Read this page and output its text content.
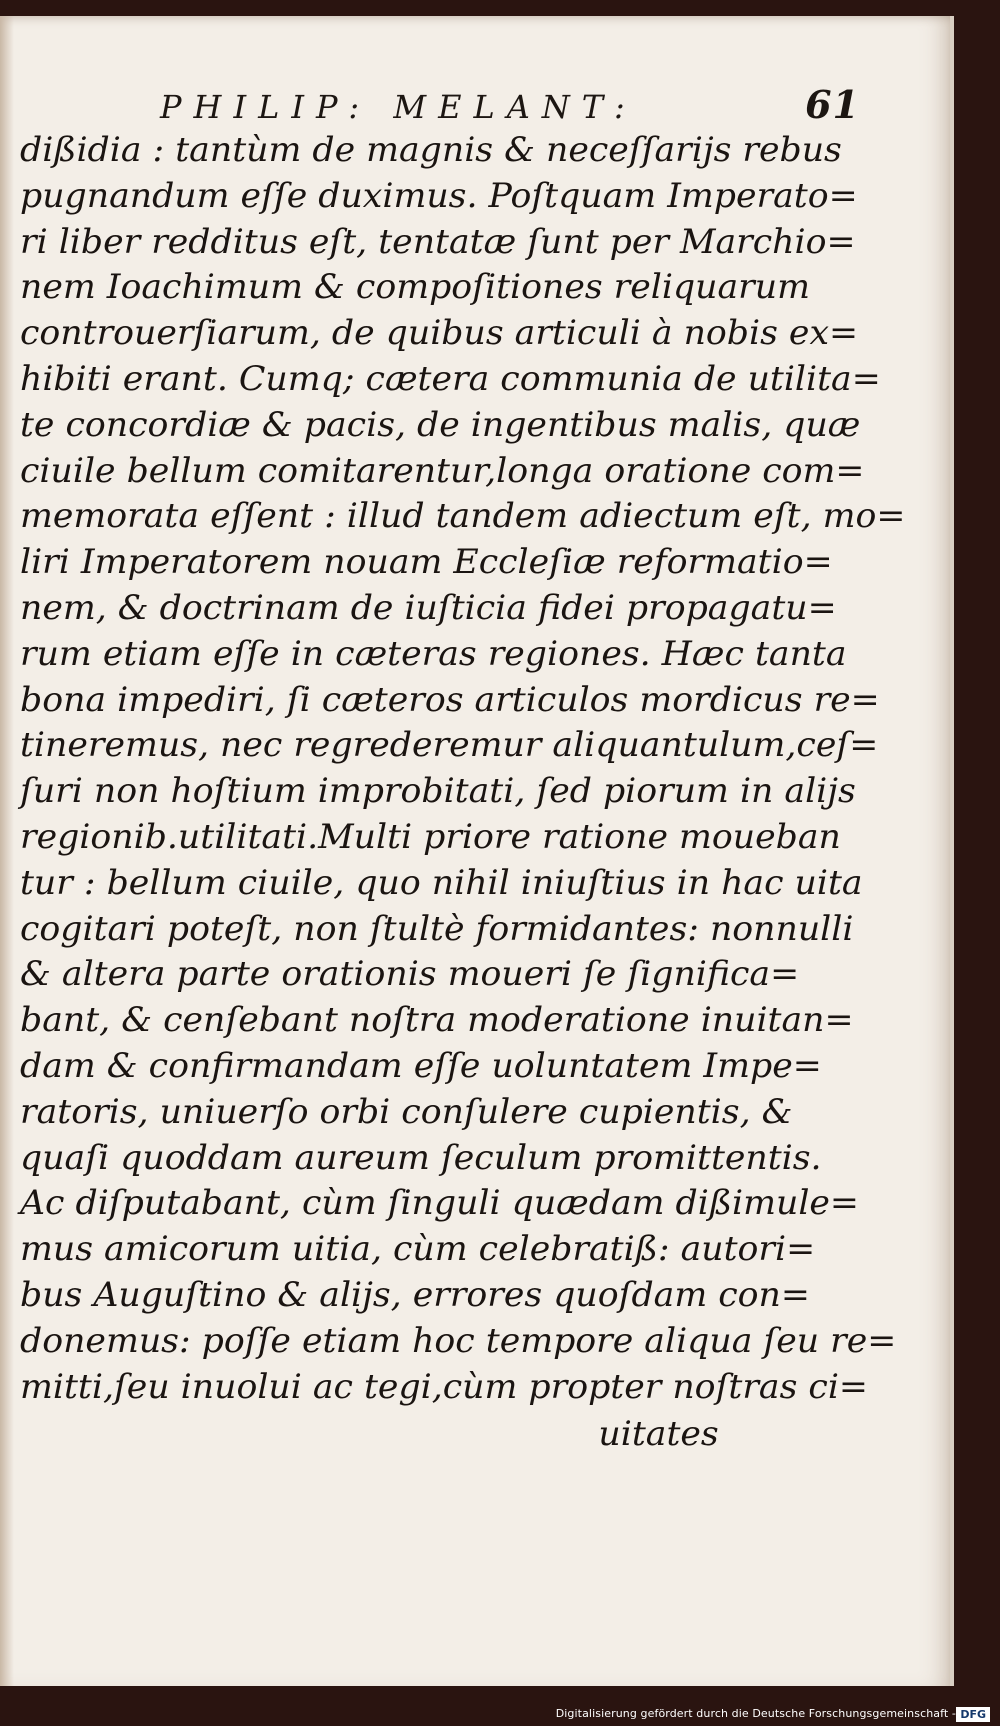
PHILIP: MELANT:	61
dißidia : tantùm de magnis & neceſſarijs rebus
pugnandum eſſe duximus. Poſtquam Imperato=
ri liber redditus eſt, tentatæ ſunt per Marchio=
nem Ioachimum & compoſitiones reliquarum
controuerſiarum, de quibus articuli à nobis ex=
hibiti erant. Cumq; cætera communia de utilita=
te concordiæ & pacis, de ingentibus malis, quæ
ciuile bellum comitarentur,longa oratione com=
memorata eſſent : illud tandem adiectum eſt, mo=
liri Imperatorem nouam Eccleſiæ reformatio=
nem, & doctrinam de iuſticia fidei propagatu=
rum etiam eſſe in cæteras regiones. Hæc tanta
bona impediri, ſi cæteros articulos mordicus re=
tineremus, nec regrederemur aliquantulum,ceſ=
ſuri non hoſtium improbitati, ſed piorum in alijs
regionib.utilitati.Multi priore ratione moueban
tur : bellum ciuile, quo nihil iniuſtius in hac uita
cogitari poteſt, non ſtultè formidantes: nonnulli
& altera parte orationis moueri ſe ſignifica=
bant, & cenſebant noſtra moderatione inuitan=
dam & confirmandam eſſe uoluntatem Impe=
ratoris, uniuerſo orbi conſulere cupientis, &
quaſi quoddam aureum ſeculum promittentis.
Ac diſputabant, cùm ſinguli quædam dißimule=
mus amicorum uitia, cùm celebratiß: autori=
bus Auguſtino & alijs, errores quoſdam con=
donemus: poſſe etiam hoc tempore aliqua ſeu re=
mitti,ſeu inuolui ac tegi,cùm propter noſtras ci=
uitates
Digitalisierung gefördert durch die Deutsche Forschungsgemeinschaft - DFG
